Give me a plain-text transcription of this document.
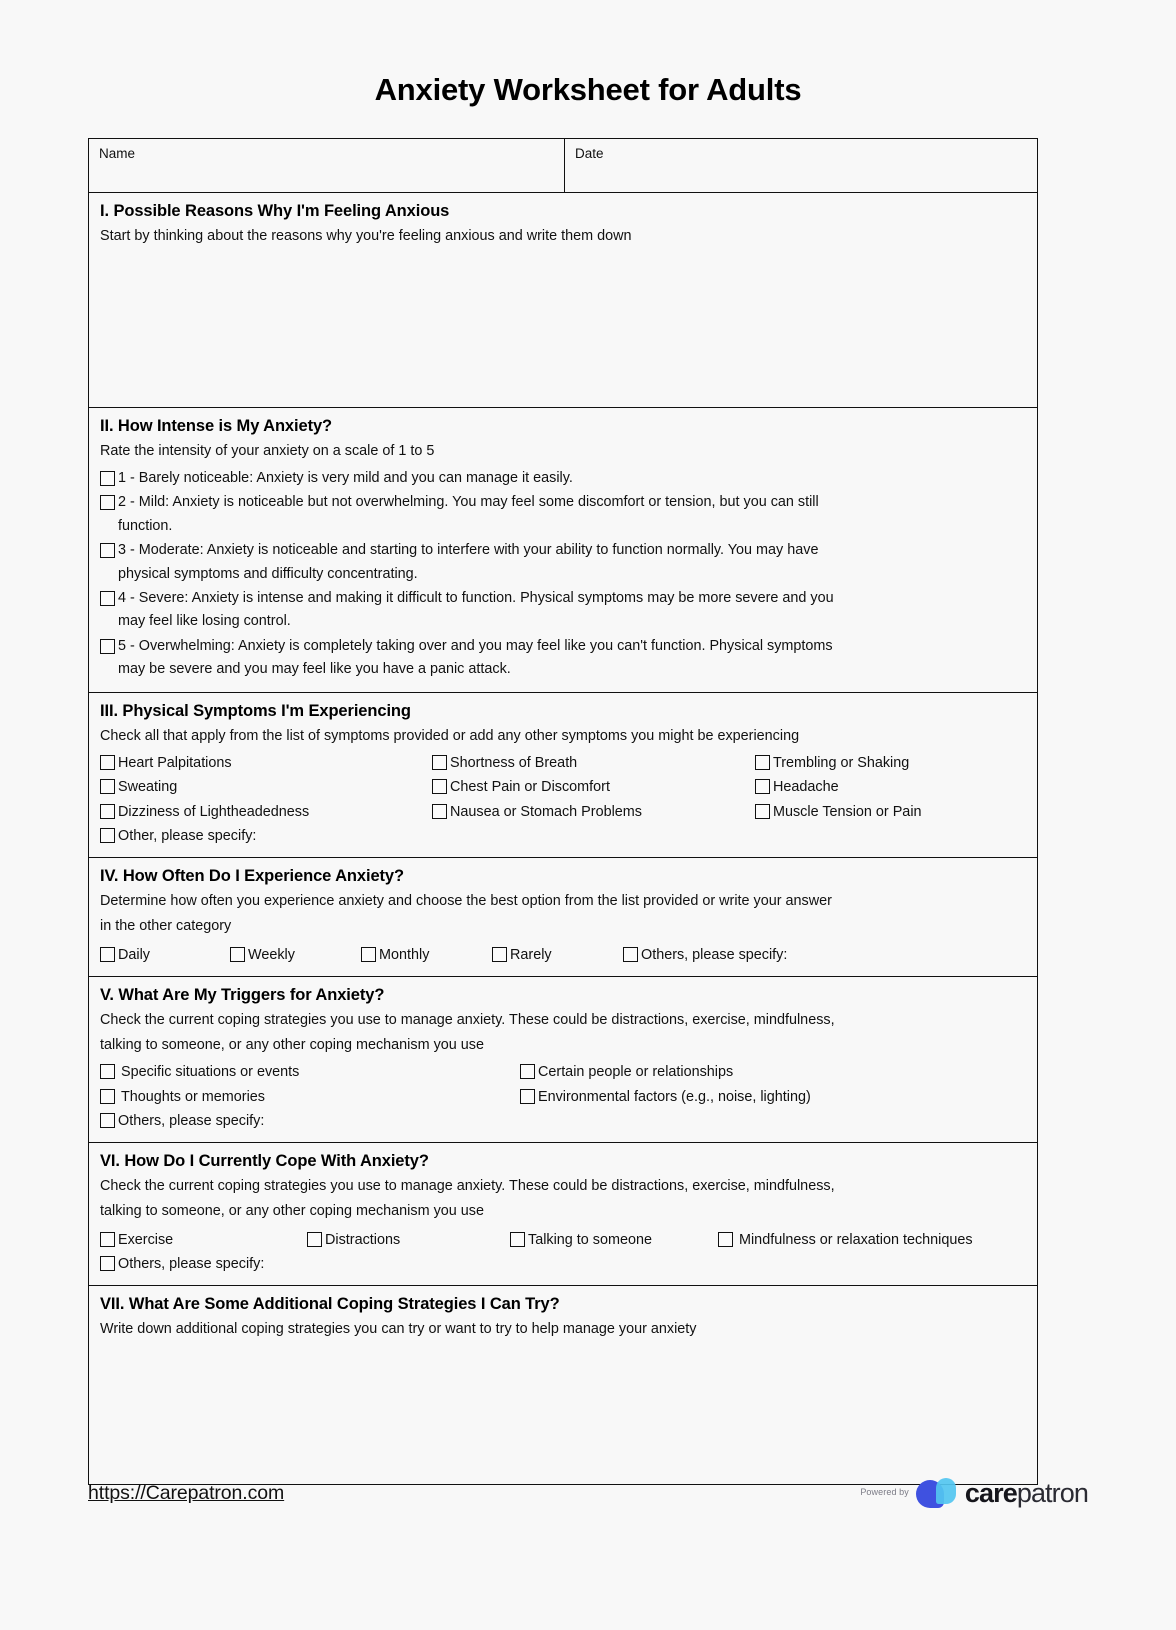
Anxiety Worksheet for Adults
Name	Date
I. Possible Reasons Why I'm Feeling Anxious

Start by thinking about the reasons why you're feeling anxious and write them down

II. How Intense is My Anxiety?

Rate the intensity of your anxiety on a scale of 1 to 5

1 - Barely noticeable: Anxiety is very mild and you can manage it easily.
2 - Mild: Anxiety is noticeable but not overwhelming. You may feel some discomfort or tension, but you can still
function.
3 - Moderate: Anxiety is noticeable and starting to interfere with your ability to function normally. You may have
physical symptoms and difficulty concentrating.
4 - Severe: Anxiety is intense and making it difficult to function. Physical symptoms may be more severe and you
may feel like losing control.
5 - Overwhelming: Anxiety is completely taking over and you may feel like you can't function. Physical symptoms
may be severe and you may feel like you have a panic attack.
III. Physical Symptoms I'm Experiencing

Check all that apply from the list of symptoms provided or add any other symptoms you might be experiencing

Heart Palpitations	Shortness of Breath	Trembling or Shaking
Sweating	Chest Pain or Discomfort	Headache
Dizziness of Lightheadedness	Nausea or Stomach Problems	Muscle Tension or Pain
Other, please specify:
IV. How Often Do I Experience Anxiety?

Determine how often you experience anxiety and choose the best option from the list provided or write your answer

in the other category

Daily	Weekly	Monthly	Rarely	Others, please specify:
V. What Are My Triggers for Anxiety?

Check the current coping strategies you use to manage anxiety. These could be distractions, exercise, mindfulness,

talking to someone, or any other coping mechanism you use

Specific situations or events	Certain people or relationships
Thoughts or memories	Environmental factors (e.g., noise, lighting)
Others, please specify:
VI. How Do I Currently Cope With Anxiety?

Check the current coping strategies you use to manage anxiety. These could be distractions, exercise, mindfulness,

talking to someone, or any other coping mechanism you use

Exercise	Distractions	Talking to someone	Mindfulness or relaxation techniques
Others, please specify:
VII. What Are Some Additional Coping Strategies I Can Try?

Write down additional coping strategies you can try or want to try to help manage your anxiety

https://Carepatron.com	Powered by carepatron
